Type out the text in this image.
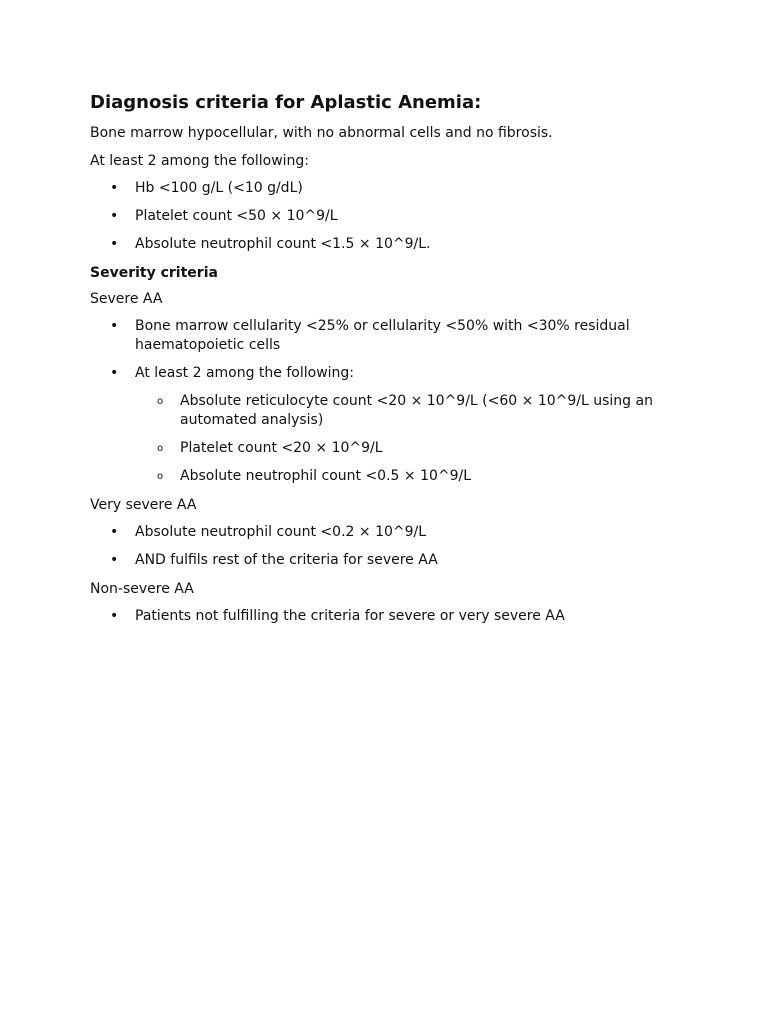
Diagnosis criteria for Aplastic Anemia:

Bone marrow hypocellular, with no abnormal cells and no fibrosis.

At least 2 among the following:

• Hb <100 g/L (<10 g/dL)
• Platelet count <50 × 10^9/L
• Absolute neutrophil count <1.5 × 10^9/L.
Severity criteria

Severe AA

• Bone marrow cellularity <25% or cellularity <50% with <30% residual haematopoietic cells
• At least 2 among the following:
o Absolute reticulocyte count <20 × 10^9/L (<60 × 10^9/L using an automated analysis)
o Platelet count <20 × 10^9/L
o Absolute neutrophil count <0.5 × 10^9/L

Very severe AA

• Absolute neutrophil count <0.2 × 10^9/L
• AND fulfils rest of the criteria for severe AA

Non-severe AA

• Patients not fulfilling the criteria for severe or very severe AA
